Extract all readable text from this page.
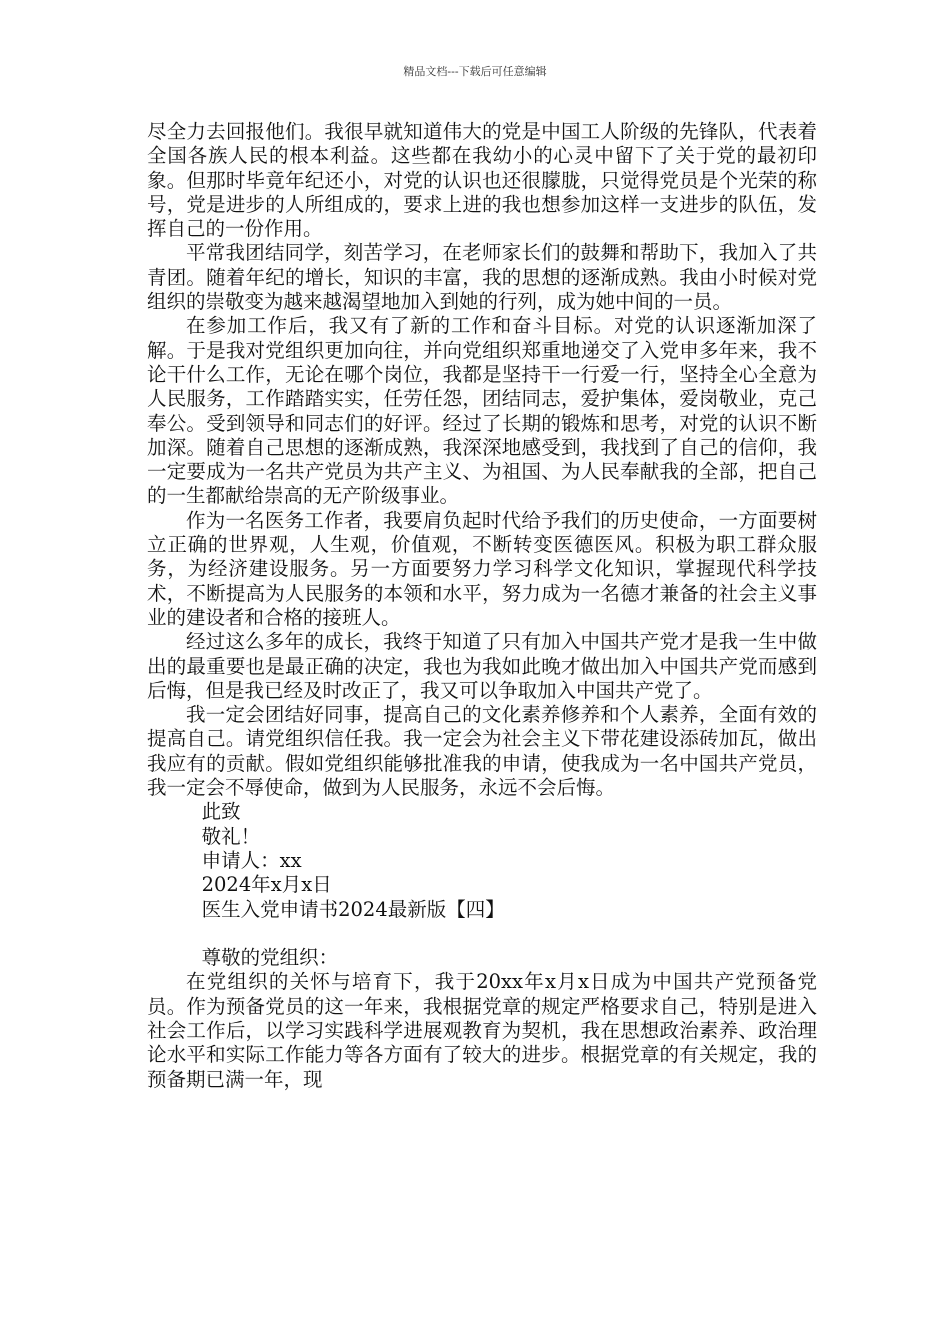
精品文档---下载后可任意编辑

尽全力去回报他们。我很早就知道伟大的党是中国工人阶级的先锋队，代表着全国各族人民的根本利益。这些都在我幼小的心灵中留下了关于党的最初印象。但那时毕竟年纪还小，对党的认识也还很朦胧，只觉得党员是个光荣的称号，党是进步的人所组成的，要求上进的我也想参加这样一支进步的队伍，发挥自己的一份作用。

平常我团结同学，刻苦学习，在老师家长们的鼓舞和帮助下，我加入了共青团。随着年纪的增长，知识的丰富，我的思想的逐渐成熟。我由小时候对党组织的崇敬变为越来越渴望地加入到她的行列，成为她中间的一员。

在参加工作后，我又有了新的工作和奋斗目标。对党的认识逐渐加深了解。于是我对党组织更加向往，并向党组织郑重地递交了入党申多年来，我不论干什么工作，无论在哪个岗位，我都是坚持干一行爱一行，坚持全心全意为人民服务，工作踏踏实实，任劳任怨，团结同志，爱护集体，爱岗敬业，克己奉公。受到领导和同志们的好评。经过了长期的锻炼和思考，对党的认识不断加深。随着自己思想的逐渐成熟，我深深地感受到，我找到了自己的信仰，我一定要成为一名共产党员为共产主义、为祖国、为人民奉献我的全部，把自己的一生都献给崇高的无产阶级事业。

作为一名医务工作者，我要肩负起时代给予我们的历史使命，一方面要树立正确的世界观，人生观，价值观，不断转变医德医风。积极为职工群众服务，为经济建设服务。另一方面要努力学习科学文化知识，掌握现代科学技术，不断提高为人民服务的本领和水平，努力成为一名德才兼备的社会主义事业的建设者和合格的接班人。

经过这么多年的成长，我终于知道了只有加入中国共产党才是我一生中做出的最重要也是最正确的决定，我也为我如此晚才做出加入中国共产党而感到后悔，但是我已经及时改正了，我又可以争取加入中国共产党了。

我一定会团结好同事，提高自己的文化素养修养和个人素养，全面有效的提高自己。请党组织信任我。我一定会为社会主义下带花建设添砖加瓦，做出我应有的贡献。假如党组织能够批准我的申请，使我成为一名中国共产党员，我一定会不辱使命，做到为人民服务，永远不会后悔。

此致

敬礼！

申请人：xx

2024年x月x日

医生入党申请书2024最新版【四】

尊敬的党组织：

在党组织的关怀与培育下，我于20xx年x月x日成为中国共产党预备党员。作为预备党员的这一年来，我根据党章的规定严格要求自己，特别是进入社会工作后，以学习实践科学进展观教育为契机，我在思想政治素养、政治理论水平和实际工作能力等各方面有了较大的进步。根据党章的有关规定，我的预备期已满一年，现
